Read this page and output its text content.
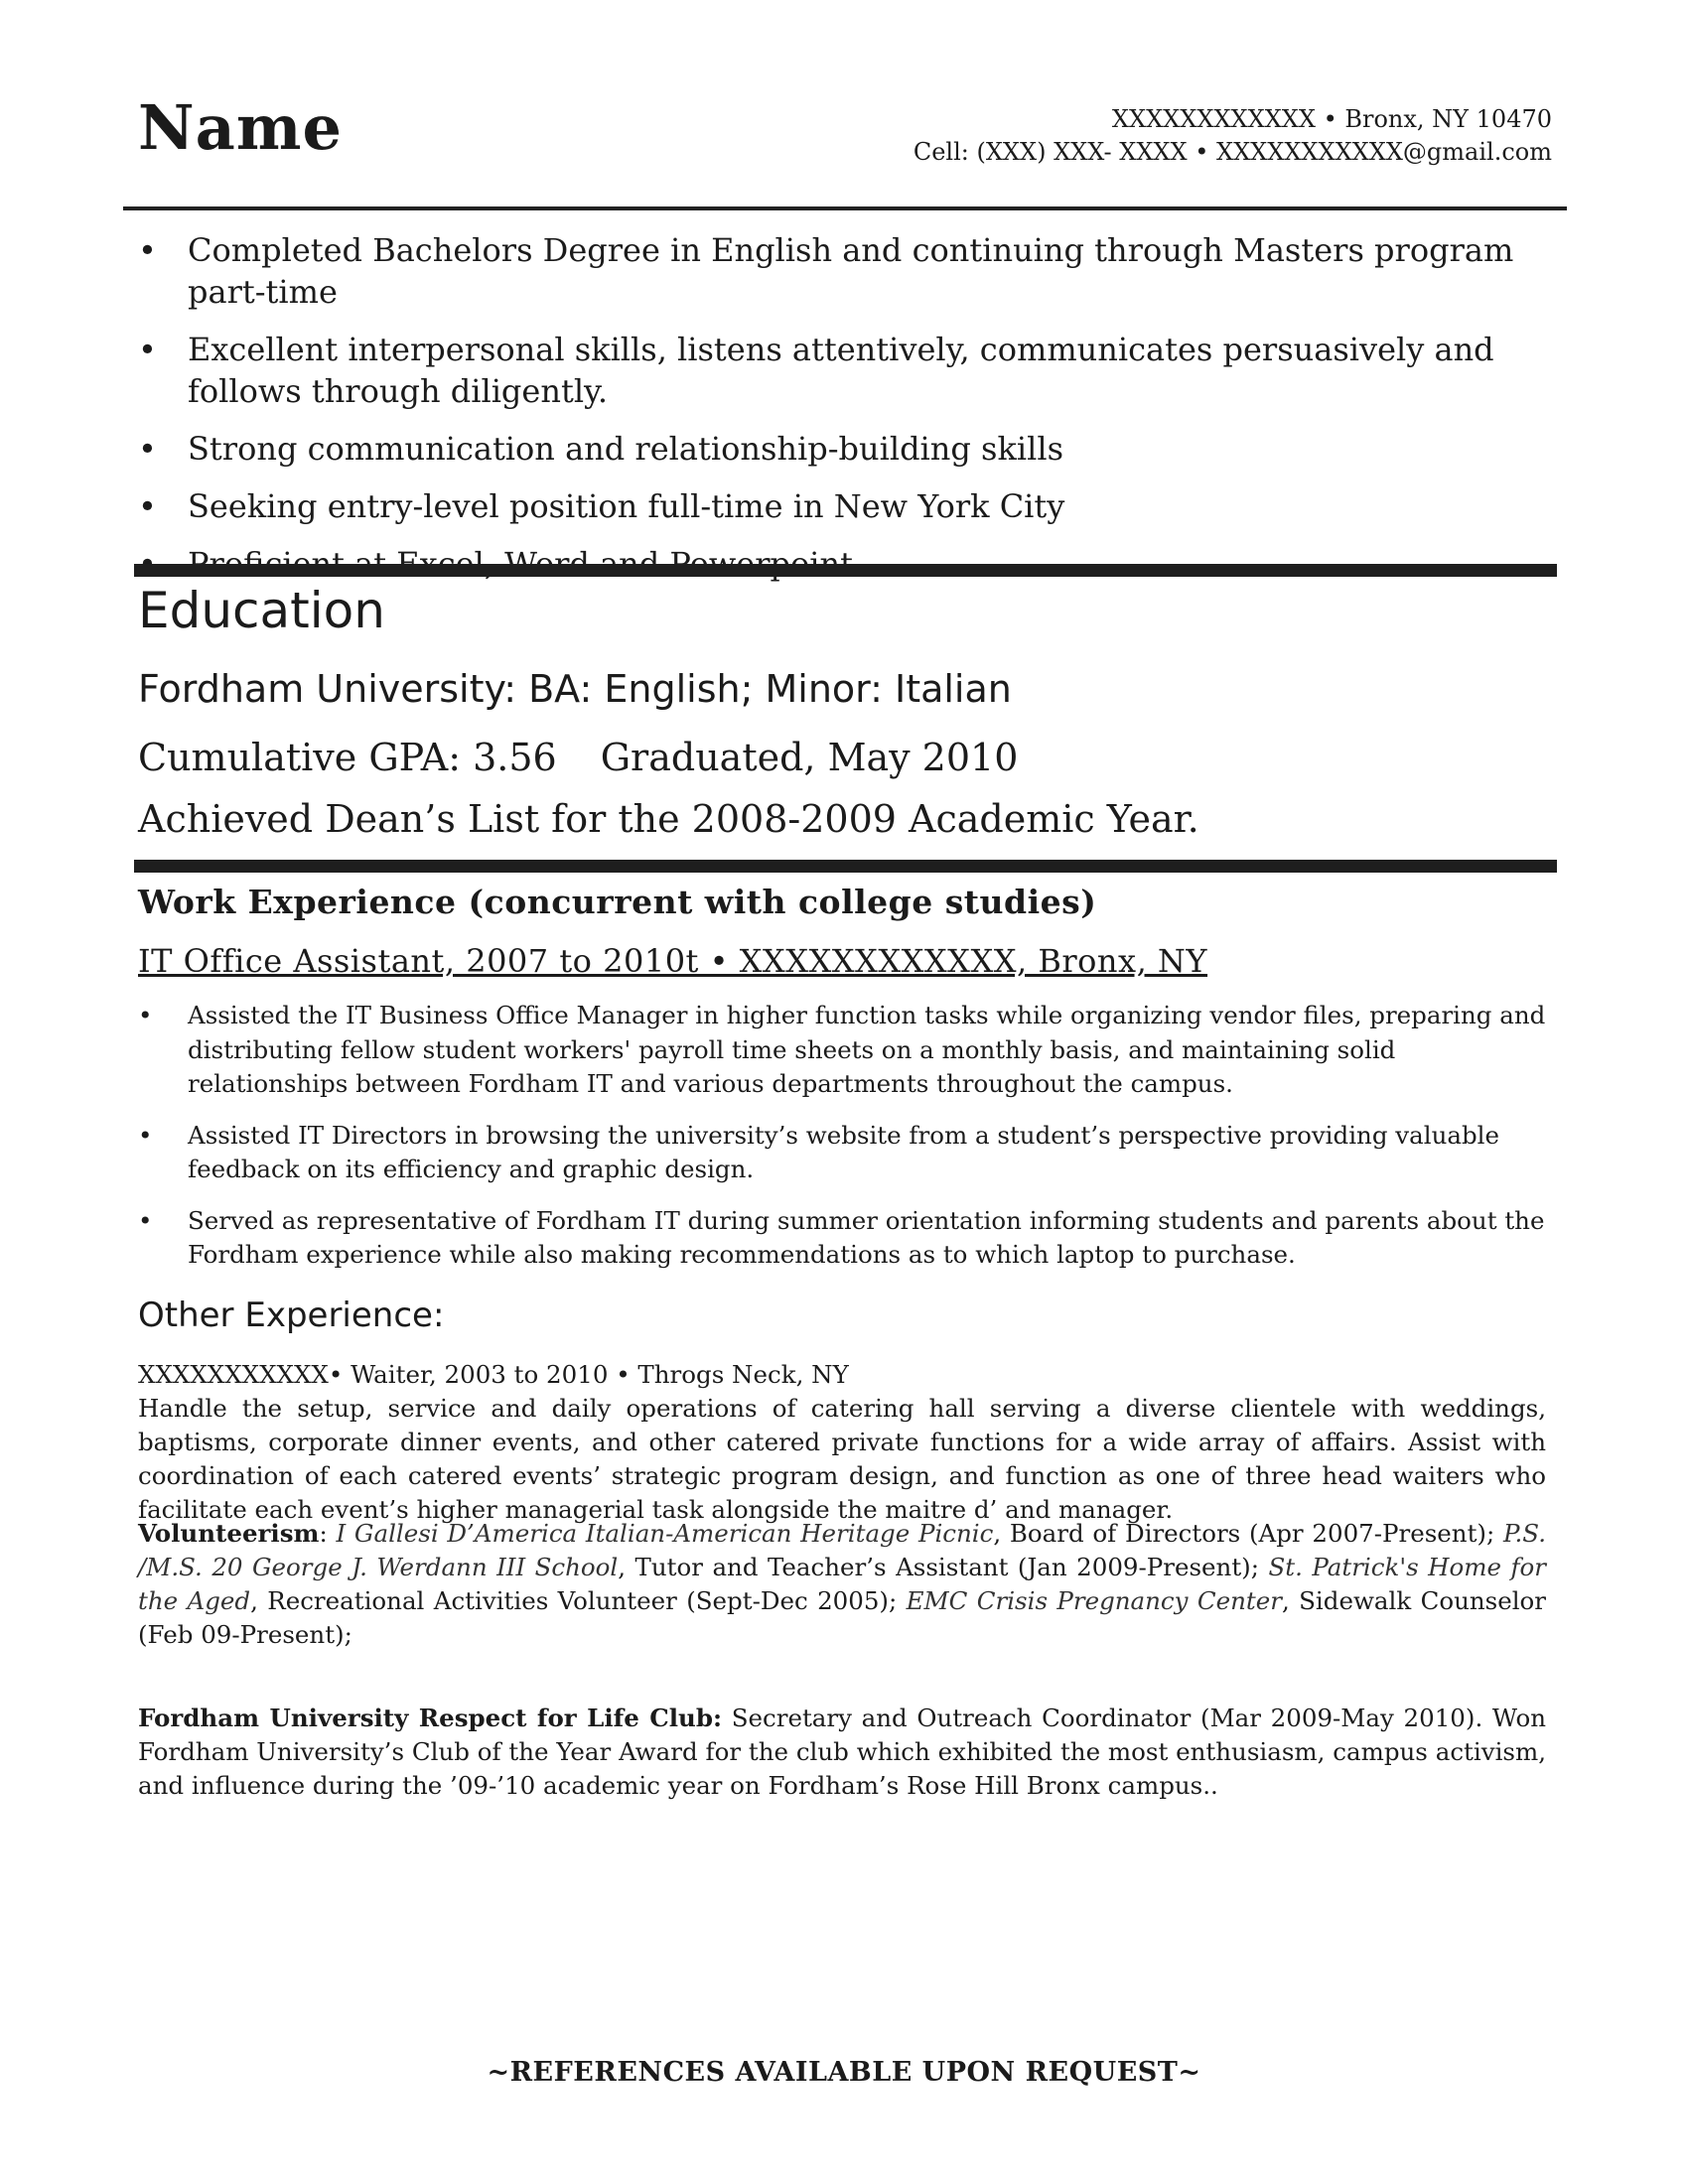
Name	XXXXXXXXXXXX • Bronx, NY 10470
Cell: (XXX) XXX- XXXX • XXXXXXXXXXX@gmail.com
• Completed Bachelors Degree in English and continuing through Masters program part-time
• Excellent interpersonal skills, listens attentively, communicates persuasively and follows through diligently.
• Strong communication and relationship-building skills
• Seeking entry-level position full-time in New York City
Education
Fordham University: BA: English; Minor: Italian
Cumulative GPA: 3.56 Graduated, May 2010
Achieved Dean’s List for the 2008-2009 Academic Year.
Work Experience (concurrent with college studies)
IT Office Assistant, 2007 to 2010t • XXXXXXXXXXXX, Bronx, NY
• Assisted the IT Business Office Manager in higher function tasks while organizing vendor files, preparing and distributing fellow student workers' payroll time sheets on a monthly basis, and maintaining solid relationships between Fordham IT and various departments throughout the campus.
• Assisted IT Directors in browsing the university’s website from a student’s perspective providing valuable feedback on its efficiency and graphic design.
• Served as representative of Fordham IT during summer orientation informing students and parents about the Fordham experience while also making recommendations as to which laptop to purchase.
Other Experience:

XXXXXXXXXXX• Waiter, 2003 to 2010 • Throgs Neck, NY
Handle the setup, service and daily operations of catering hall serving a diverse clientele with weddings, baptisms, corporate dinner events, and other catered private functions for a wide array of affairs. Assist with coordination of each catered events’ strategic program design, and function as one of three head waiters who facilitate each event’s higher managerial task alongside the maitre d’ and manager.

Volunteerism: I Gallesi D’America Italian-American Heritage Picnic, Board of Directors (Apr 2007-Present); P.S. /M.S. 20 George J. Werdann III School, Tutor and Teacher’s Assistant (Jan 2009-Present); St. Patrick's Home for the Aged, Recreational Activities Volunteer (Sept-Dec 2005); EMC Crisis Pregnancy Center, Sidewalk Counselor (Feb 09-Present);

Fordham University Respect for Life Club: Secretary and Outreach Coordinator (Mar 2009-May 2010). Won Fordham University’s Club of the Year Award for the club which exhibited the most enthusiasm, campus activism, and influence during the ’09-’10 academic year on Fordham’s Rose Hill Bronx campus..

~REFERENCES AVAILABLE UPON REQUEST~
